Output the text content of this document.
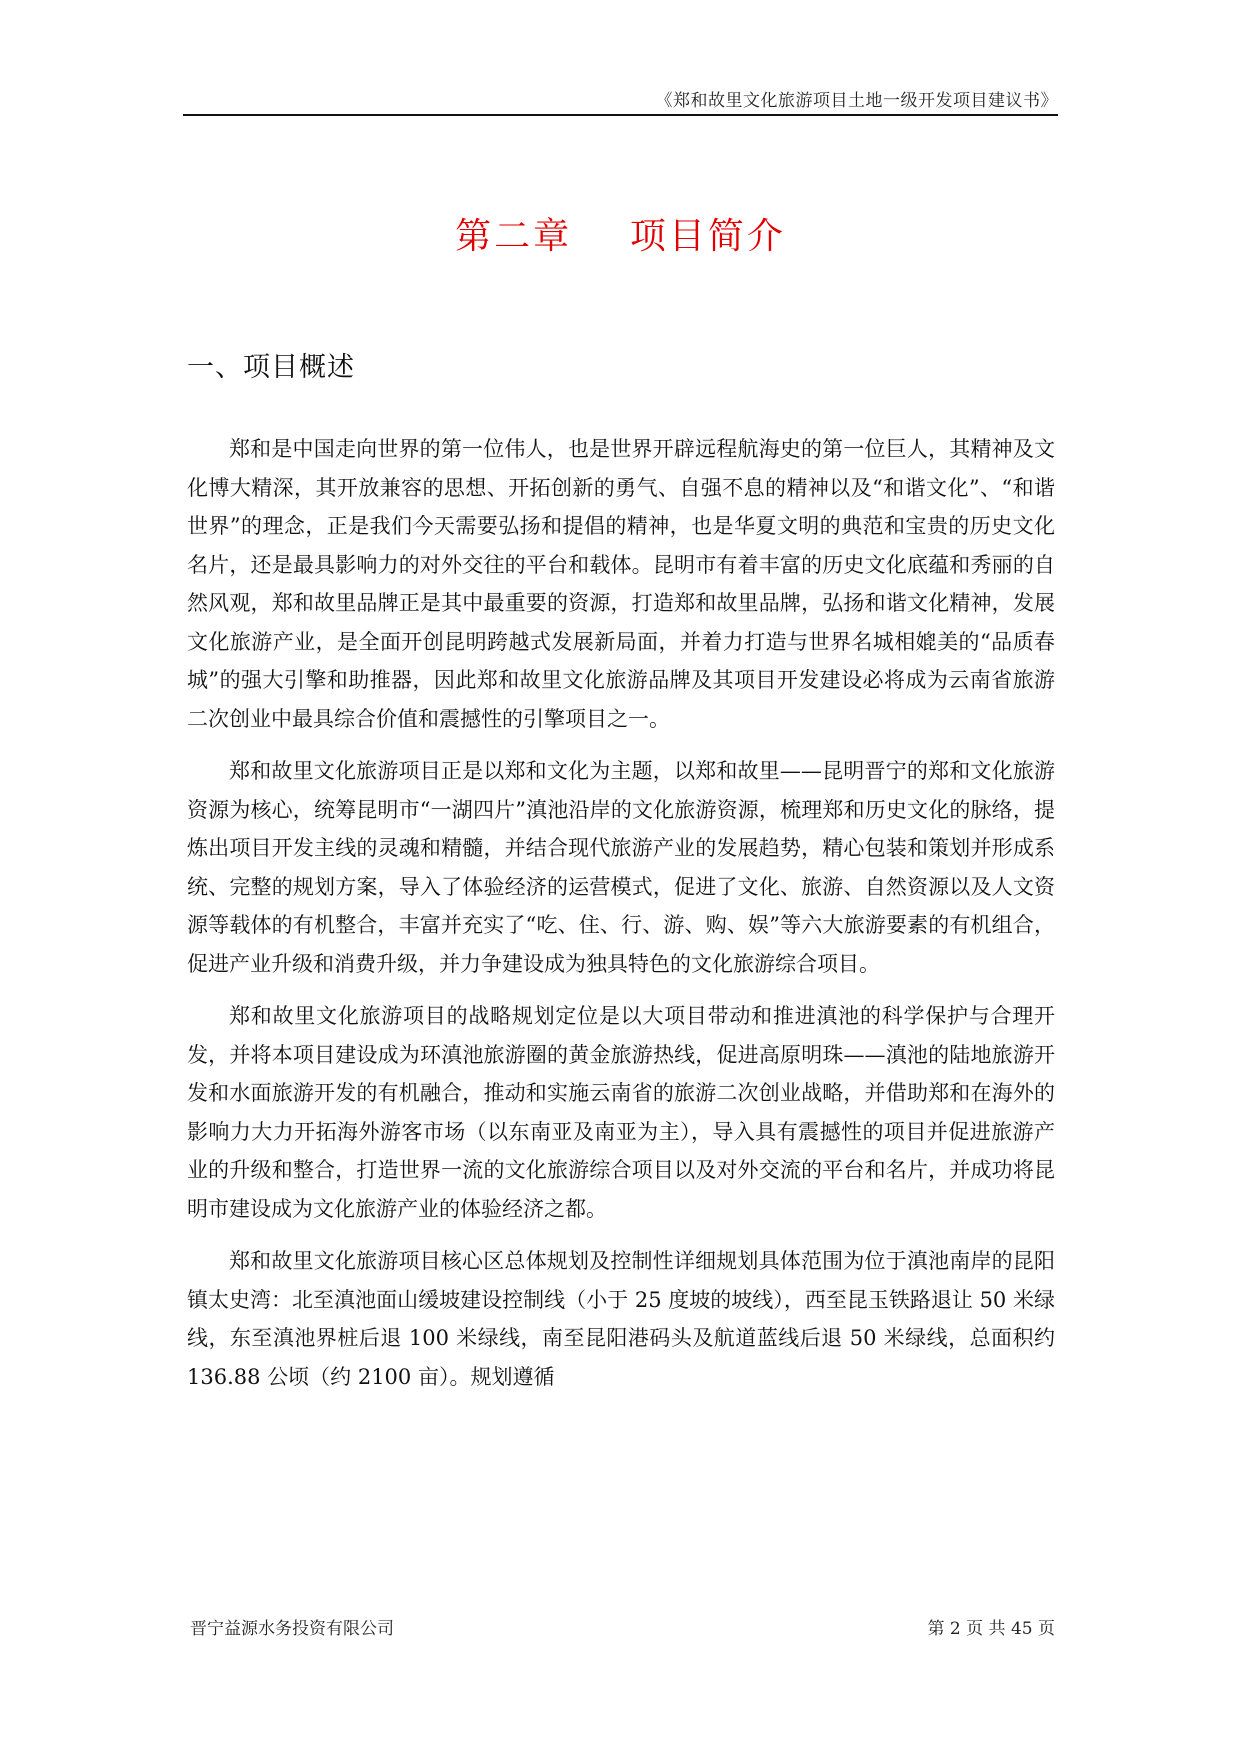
《郑和故里文化旅游项目土地一级开发项目建议书》
第二章    项目简介
一、项目概述

郑和是中国走向世界的第一位伟人，也是世界开辟远程航海史的第一位巨人，其精神及文化博大精深，其开放兼容的思想、开拓创新的勇气、自强不息的精神以及“和谐文化”、“和谐世界”的理念，正是我们今天需要弘扬和提倡的精神，也是华夏文明的典范和宝贵的历史文化名片，还是最具影响力的对外交往的平台和载体。昆明市有着丰富的历史文化底蕴和秀丽的自然风观，郑和故里品牌正是其中最重要的资源，打造郑和故里品牌，弘扬和谐文化精神，发展文化旅游产业，是全面开创昆明跨越式发展新局面，并着力打造与世界名城相媲美的“品质春城”的强大引擎和助推器，因此郑和故里文化旅游品牌及其项目开发建设必将成为云南省旅游二次创业中最具综合价值和震撼性的引擎项目之一。

郑和故里文化旅游项目正是以郑和文化为主题，以郑和故里——昆明晋宁的郑和文化旅游资源为核心，统筹昆明市“一湖四片”滇池沿岸的文化旅游资源，梳理郑和历史文化的脉络，提炼出项目开发主线的灵魂和精髓，并结合现代旅游产业的发展趋势，精心包装和策划并形成系统、完整的规划方案，导入了体验经济的运营模式，促进了文化、旅游、自然资源以及人文资源等载体的有机整合，丰富并充实了“吃、住、行、游、购、娱”等六大旅游要素的有机组合，促进产业升级和消费升级，并力争建设成为独具特色的文化旅游综合项目。

郑和故里文化旅游项目的战略规划定位是以大项目带动和推进滇池的科学保护与合理开发，并将本项目建设成为环滇池旅游圈的黄金旅游热线，促进高原明珠——滇池的陆地旅游开发和水面旅游开发的有机融合，推动和实施云南省的旅游二次创业战略，并借助郑和在海外的影响力大力开拓海外游客市场（以东南亚及南亚为主），导入具有震撼性的项目并促进旅游产业的升级和整合，打造世界一流的文化旅游综合项目以及对外交流的平台和名片，并成功将昆明市建设成为文化旅游产业的体验经济之都。

郑和故里文化旅游项目核心区总体规划及控制性详细规划具体范围为位于滇池南岸的昆阳镇太史湾：北至滇池面山缓坡建设控制线（小于 25 度坡的坡线），西至昆玉铁路退让 50 米绿线，东至滇池界桩后退 100 米绿线，南至昆阳港码头及航道蓝线后退 50 米绿线，总面积约 136.88 公顷（约 2100 亩）。规划遵循

晋宁益源水务投资有限公司	第 2 页 共 45 页
